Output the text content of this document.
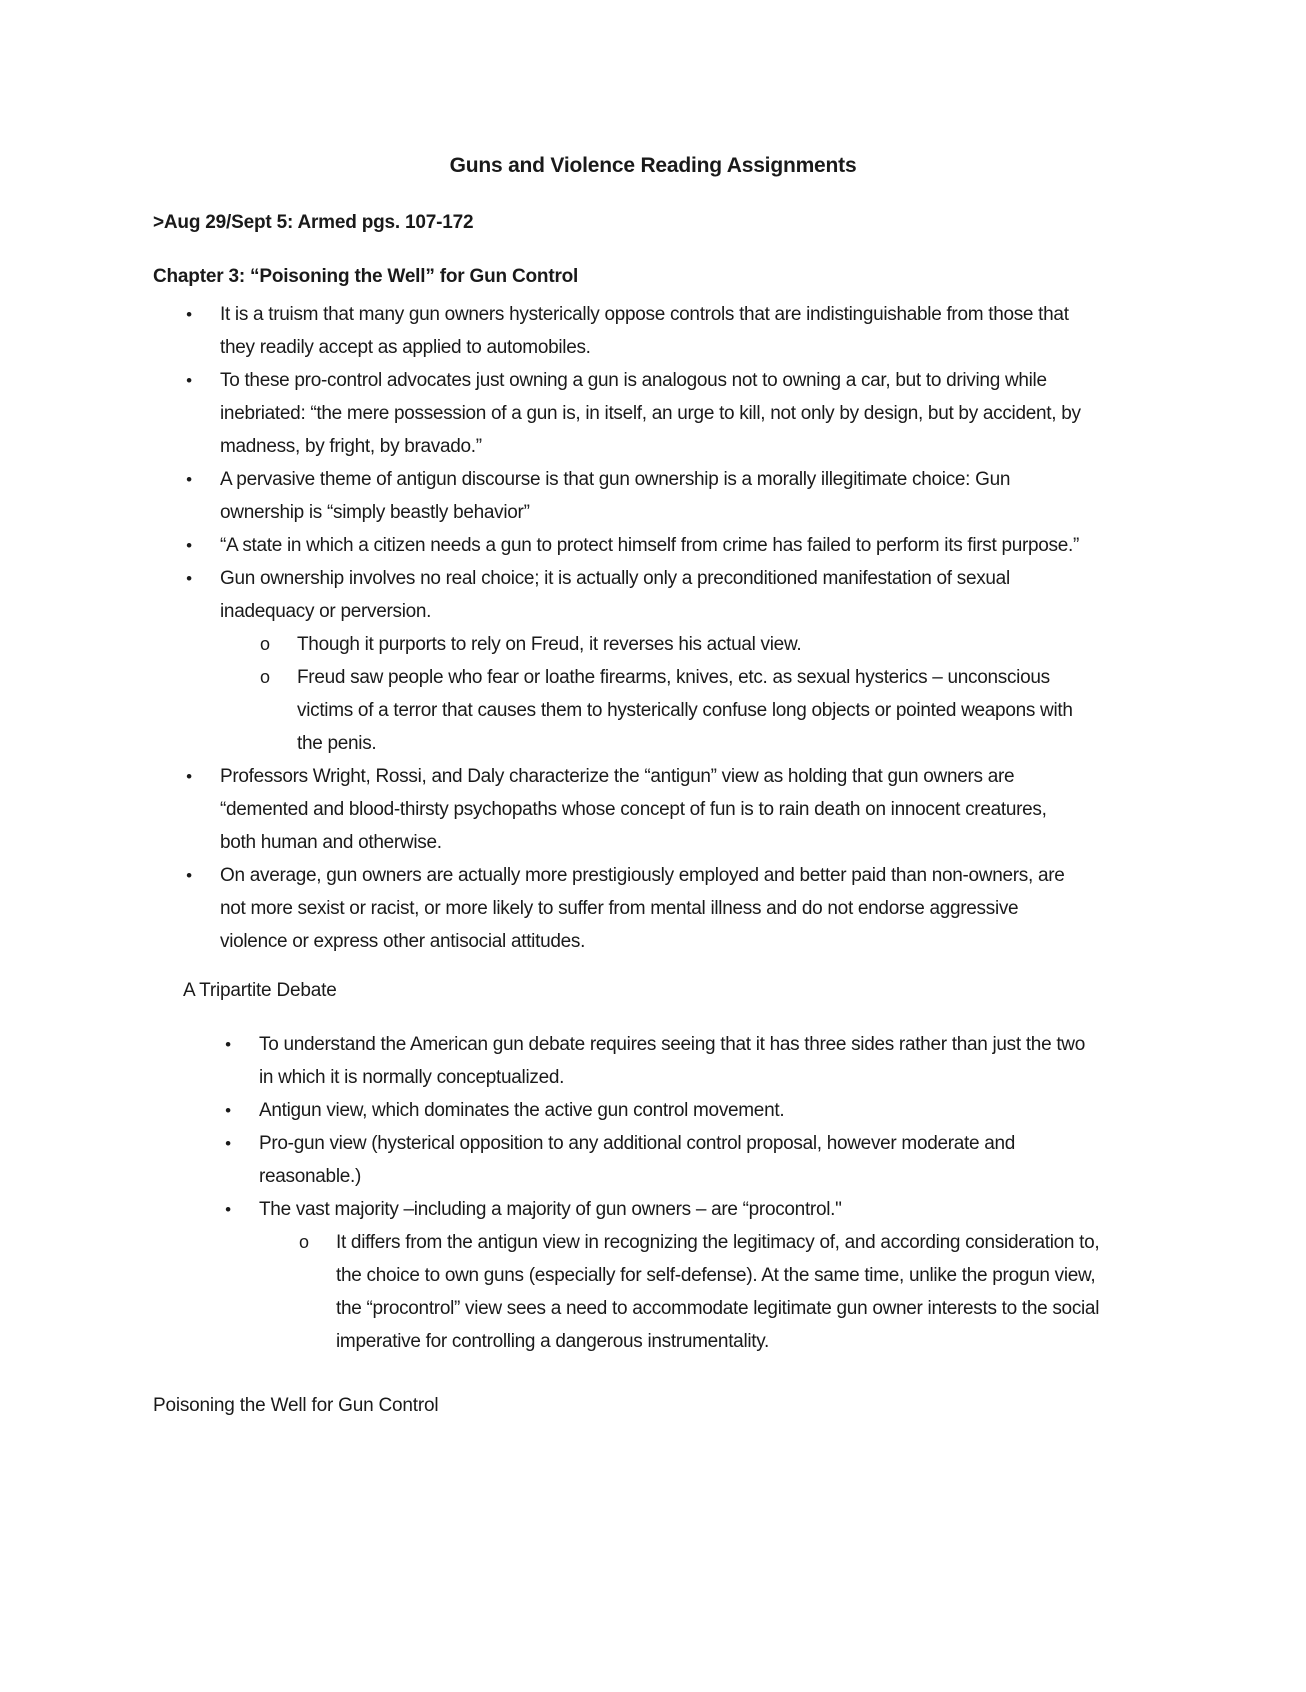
Guns and Violence Reading Assignments

>Aug 29/Sept 5: Armed pgs. 107-172

Chapter 3: “Poisoning the Well” for Gun Control

• It is a truism that many gun owners hysterically oppose controls that are indistinguishable from those that they readily accept as applied to automobiles.
• To these pro-control advocates just owning a gun is analogous not to owning a car, but to driving while inebriated: “the mere possession of a gun is, in itself, an urge to kill, not only by design, but by accident, by madness, by fright, by bravado.”
• A pervasive theme of antigun discourse is that gun ownership is a morally illegitimate choice: Gun ownership is “simply beastly behavior”
• “A state in which a citizen needs a gun to protect himself from crime has failed to perform its first purpose.”
• Gun ownership involves no real choice; it is actually only a preconditioned manifestation of sexual inadequacy or perversion.
o Though it purports to rely on Freud, it reverses his actual view.
o Freud saw people who fear or loathe firearms, knives, etc. as sexual hysterics – unconscious victims of a terror that causes them to hysterically confuse long objects or pointed weapons with the penis.
• Professors Wright, Rossi, and Daly characterize the “antigun” view as holding that gun owners are “demented and blood-thirsty psychopaths whose concept of fun is to rain death on innocent creatures, both human and otherwise.
• On average, gun owners are actually more prestigiously employed and better paid than non-owners, are not more sexist or racist, or more likely to suffer from mental illness and do not endorse aggressive violence or express other antisocial attitudes.

A Tripartite Debate

• To understand the American gun debate requires seeing that it has three sides rather than just the two in which it is normally conceptualized.
• Antigun view, which dominates the active gun control movement.
• Pro-gun view (hysterical opposition to any additional control proposal, however moderate and reasonable.)
• The vast majority –including a majority of gun owners – are “procontrol."
o It differs from the antigun view in recognizing the legitimacy of, and according consideration to, the choice to own guns (especially for self-defense). At the same time, unlike the progun view, the “procontrol” view sees a need to accommodate legitimate gun owner interests to the social imperative for controlling a dangerous instrumentality.

Poisoning the Well for Gun Control
